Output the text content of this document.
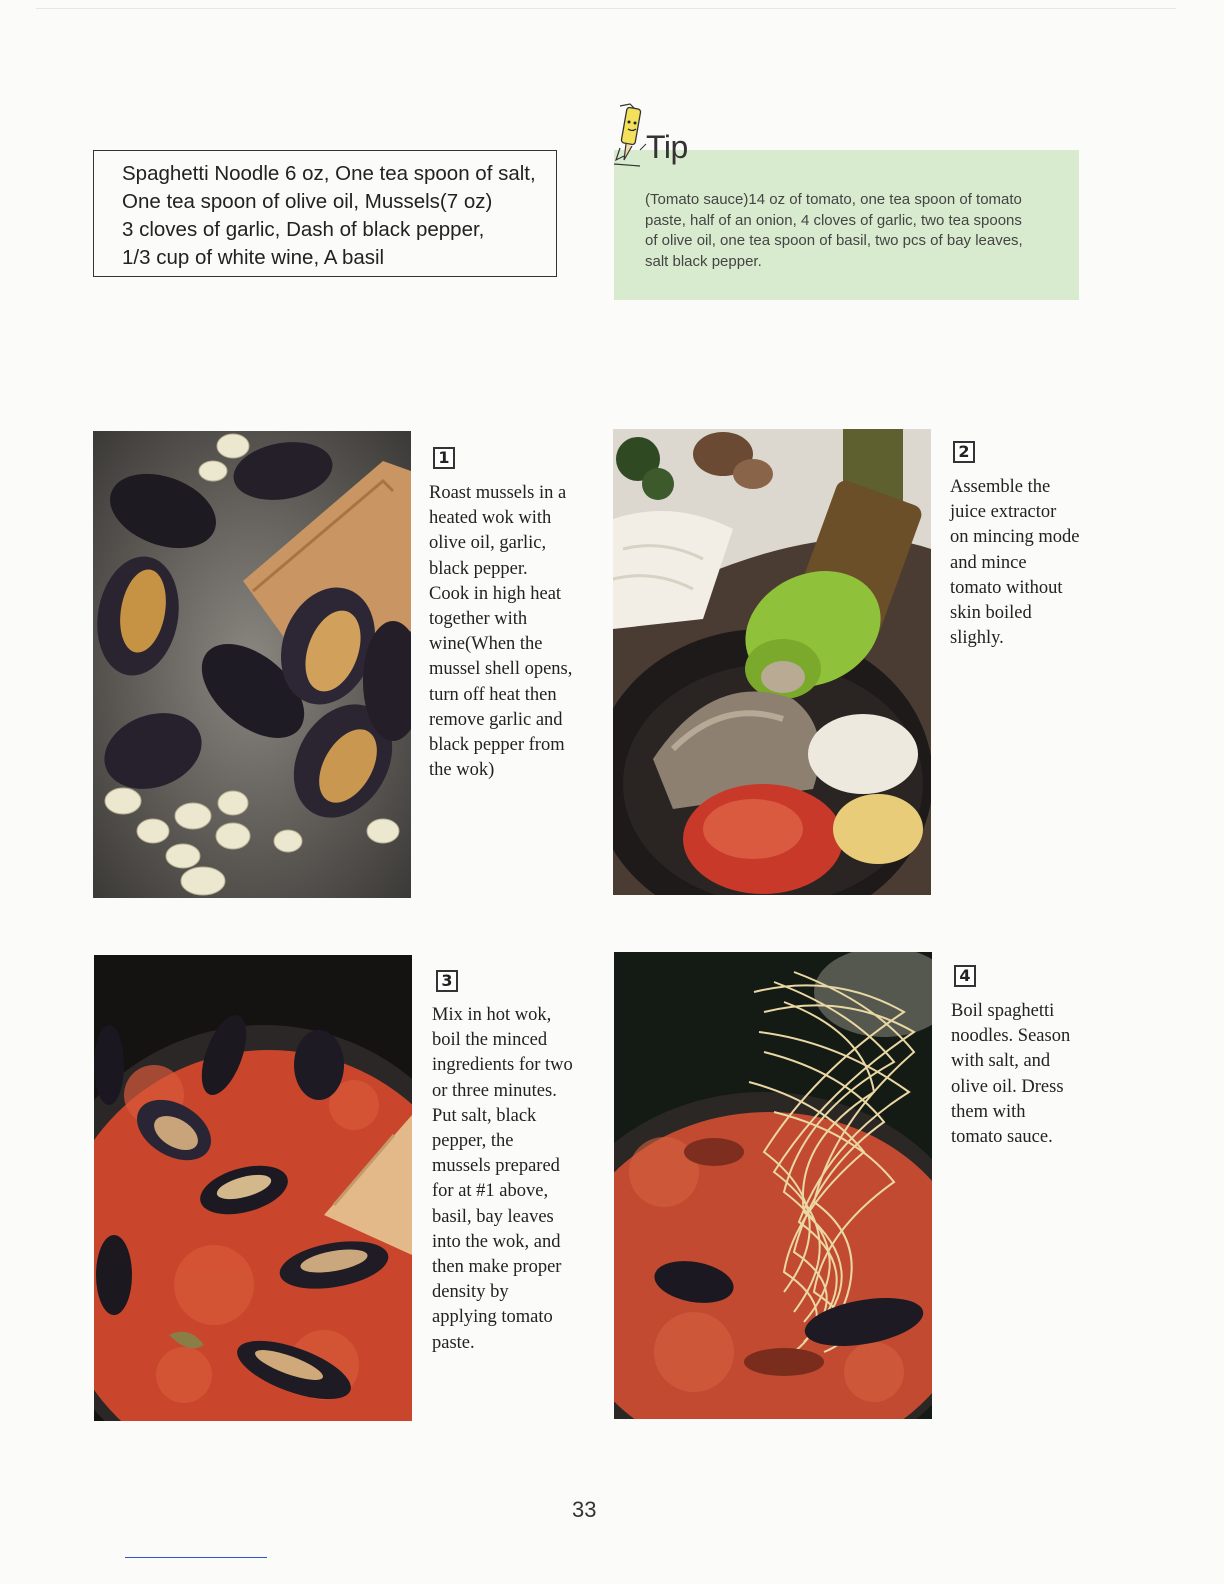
Spaghetti Noodle 6 oz, One tea spoon of salt,
One tea spoon of olive oil, Mussels(7 oz)
3 cloves of garlic, Dash of black pepper,
1/3 cup of white wine, A basil
(Tomato sauce)14 oz of tomato, one tea spoon of tomato
paste, half of an onion, 4 cloves of garlic, two tea spoons
of olive oil, one tea spoon of basil, two pcs of bay leaves,
salt black pepper.
Tip
1
Roast mussels in a
heated wok with
olive oil, garlic,
black pepper.
Cook in high heat
together with
wine(When the
mussel shell opens,
turn off heat then
remove garlic and
black pepper from
the wok)
2
Assemble the
juice extractor
on mincing mode
and mince
tomato without
skin boiled
slighly.
3
Mix in hot wok,
boil the minced
ingredients for two
or three minutes.
Put salt, black
pepper, the
mussels prepared
for at #1 above,
basil, bay leaves
into the wok, and
then make proper
density by
applying tomato
paste.
4
Boil spaghetti
noodles. Season
with salt, and
olive oil. Dress
them with
tomato sauce.
33
